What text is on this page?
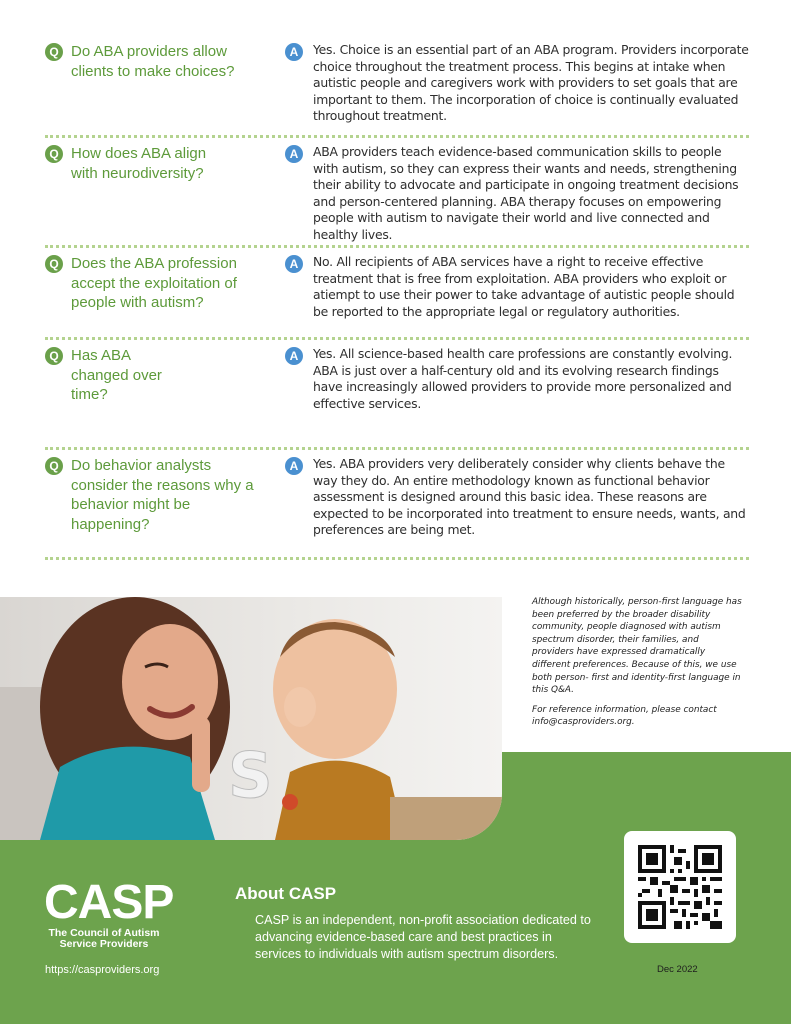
Q Do ABA providers allow clients to make choices?
A	Yes. Choice is an essential part of an ABA program. Providers incorporate choice throughout the treatment process. This begins at intake when autistic people and caregivers work with providers to set goals that are important to them. The incorporation of choice is continually evaluated throughout treatment.
Q How does ABA align with neurodiversity?
A	ABA providers teach evidence-based communication skills to people with autism, so they can express their wants and needs, strengthening their ability to advocate and participate in ongoing treatment decisions and person-centered planning. ABA therapy focuses on empowering people with autism to navigate their world and live connected and healthy lives.
Q Does the ABA profession accept the exploitation of people with autism?
A	No. All recipients of ABA services have a right to receive effective treatment that is free from exploitation. ABA providers who exploit or atiempt to use their power to take advantage of autistic people should be reported to the appropriate legal or regulatory authorities.
Q Has ABA changed over time?
A	Yes. All science-based health care professions are constantly evolving. ABA is just over a half-century old and its evolving research findings have increasingly allowed providers to provide more personalized and effective services.
Q Do behavior analysts consider the reasons why a behavior might be happening?
A	Yes. ABA providers very deliberately consider why clients behave the way they do. An entire methodology known as functional behavior assessment is designed around this basic idea. These reasons are expected to be incorporated into treatment to ensure needs, wants, and preferences are being met.
S

Although historically, person-first language has been preferred by the broader disability community, people diagnosed with autism spectrum disorder, their families, and providers have expressed dramatically different preferences. Because of this, we use both person- first and identity-first language in this Q&A.

For reference information, please contact info@casproviders.org.

CASP
The Council of Autism Service Providers
https://casproviders.org
About CASP
CASP is an independent, non-profit association dedicated to advancing evidence-based care and best practices in services to individuals with autism spectrum disorders.
Dec 2022
